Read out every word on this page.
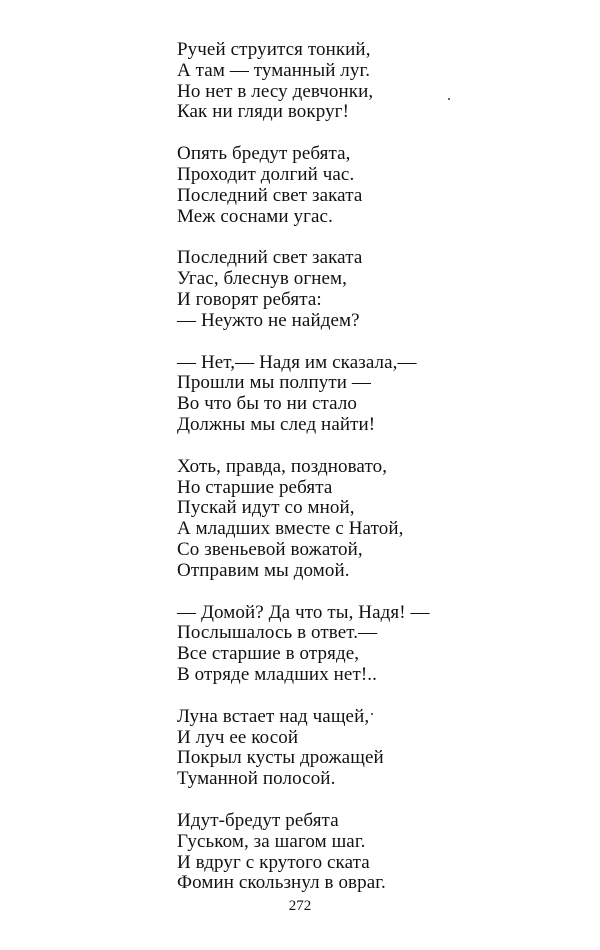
Ручей струится тонкий,
А там — туманный луг.
Но нет в лесу девчонки,
Как ни гляди вокруг!
Опять бредут ребята,
Проходит долгий час.
Последний свет заката
Меж соснами угас.
Последний свет заката
Угас, блеснув огнем,
И говорят ребята:
— Неужто не найдем?
— Нет,— Надя им сказала,—
Прошли мы полпути —
Во что бы то ни стало
Должны мы след найти!
Хоть, правда, поздновато,
Но старшие ребята
Пускай идут со мной,
А младших вместе с Натой,
Со звеньевой вожатой,
Отправим мы домой.
— Домой? Да что ты, Надя! —
Послышалось в ответ.—
Все старшие в отряде,
В отряде младших нет!..
Луна встает над чащей,
И луч ее косой
Покрыл кусты дрожащей
Туманной полосой.
Идут-бредут ребята
Гуськом, за шагом шаг.
И вдруг с крутого ската
Фомин скользнул в овраг.
272
